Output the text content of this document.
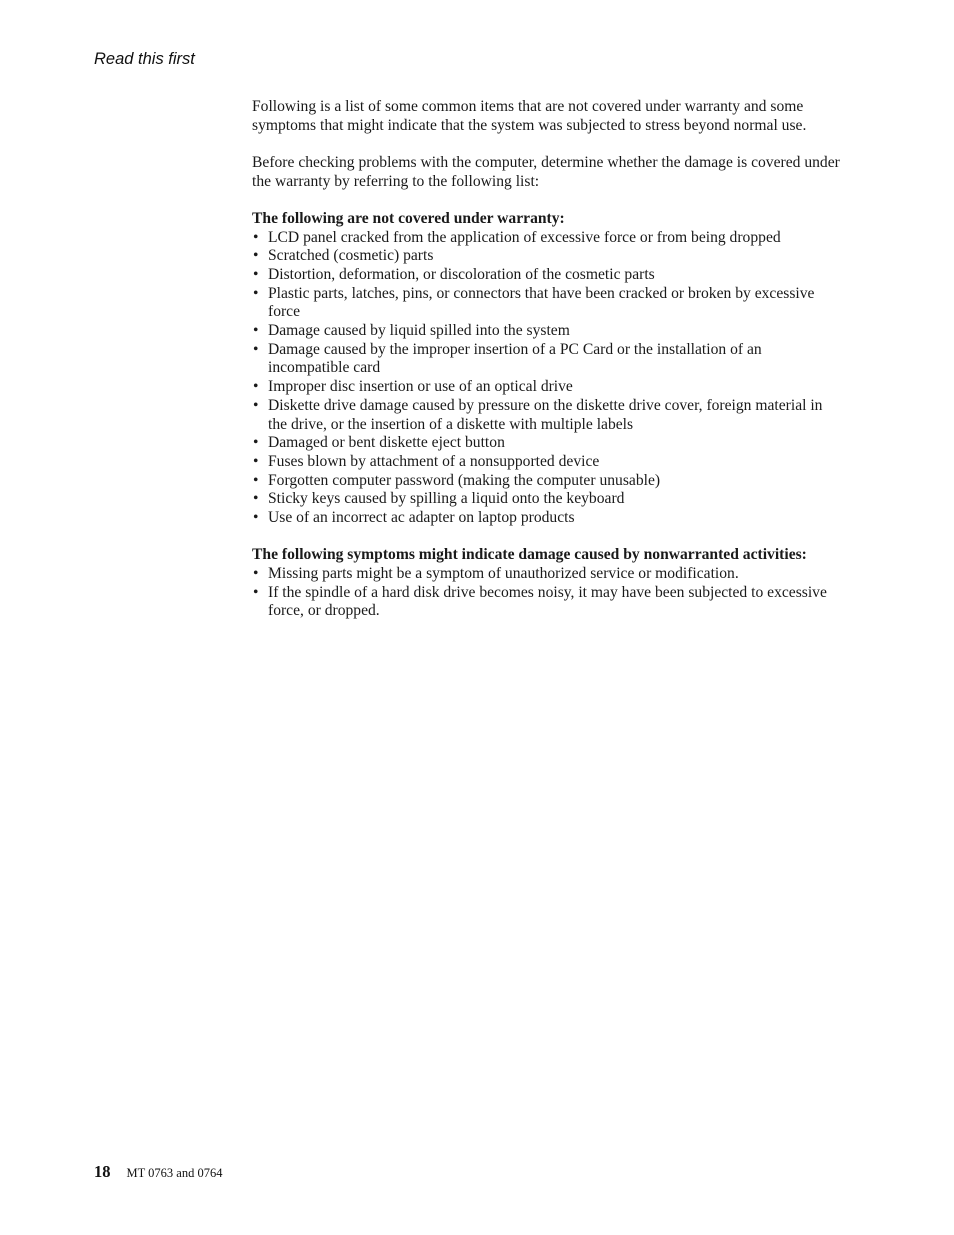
Read this first

Following is a list of some common items that are not covered under warranty and some symptoms that might indicate that the system was subjected to stress beyond normal use.

Before checking problems with the computer, determine whether the damage is covered under the warranty by referring to the following list:

The following are not covered under warranty:
• LCD panel cracked from the application of excessive force or from being dropped
• Scratched (cosmetic) parts
• Distortion, deformation, or discoloration of the cosmetic parts
• Plastic parts, latches, pins, or connectors that have been cracked or broken by excessive force
• Damage caused by liquid spilled into the system
• Damage caused by the improper insertion of a PC Card or the installation of an incompatible card
• Improper disc insertion or use of an optical drive
• Diskette drive damage caused by pressure on the diskette drive cover, foreign material in the drive, or the insertion of a diskette with multiple labels
• Damaged or bent diskette eject button
• Fuses blown by attachment of a nonsupported device
• Forgotten computer password (making the computer unusable)
• Sticky keys caused by spilling a liquid onto the keyboard
• Use of an incorrect ac adapter on laptop products
The following symptoms might indicate damage caused by nonwarranted activities:
• Missing parts might be a symptom of unauthorized service or modification.
• If the spindle of a hard disk drive becomes noisy, it may have been subjected to excessive force, or dropped.
18 MT 0763 and 0764
